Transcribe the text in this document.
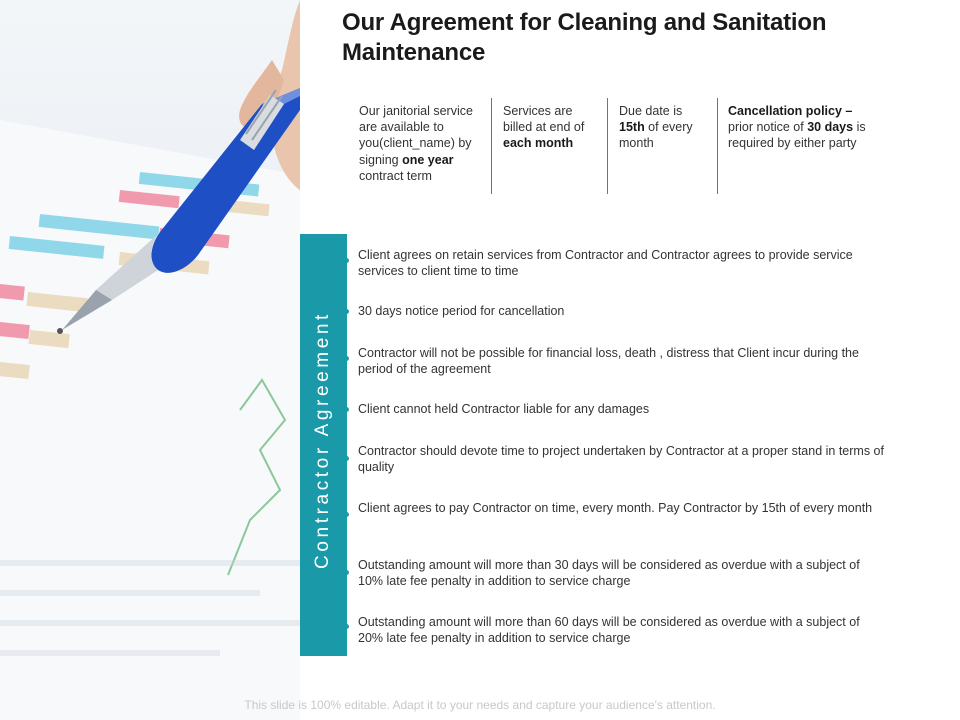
Our Agreement for Cleaning and Sanitation Maintenance
Our janitorial service are available to you(client_name) by signing one year contract term
Services are billed at end of each month
Due date is 15th of every month
Cancellation policy – prior notice of 30 days is required by either party
Contractor Agreement
Client agrees on retain services from Contractor and Contractor agrees to provide service services to client time to time
30 days notice period for cancellation
Contractor will not be possible for financial loss, death , distress that Client incur during the period of the agreement
Client cannot held Contractor liable for any damages
Contractor should devote time to project undertaken by Contractor at a proper stand in terms of quality
Client agrees to pay Contractor on time, every month. Pay Contractor by 15th of every month
Outstanding amount will more than 30 days will be considered as overdue with a subject of 10% late fee penalty in addition to service charge
Outstanding amount will more than 60 days will be considered as overdue with a subject of 20% late fee penalty in addition to service charge
This slide is 100% editable. Adapt it to your needs and capture your audience's attention.
